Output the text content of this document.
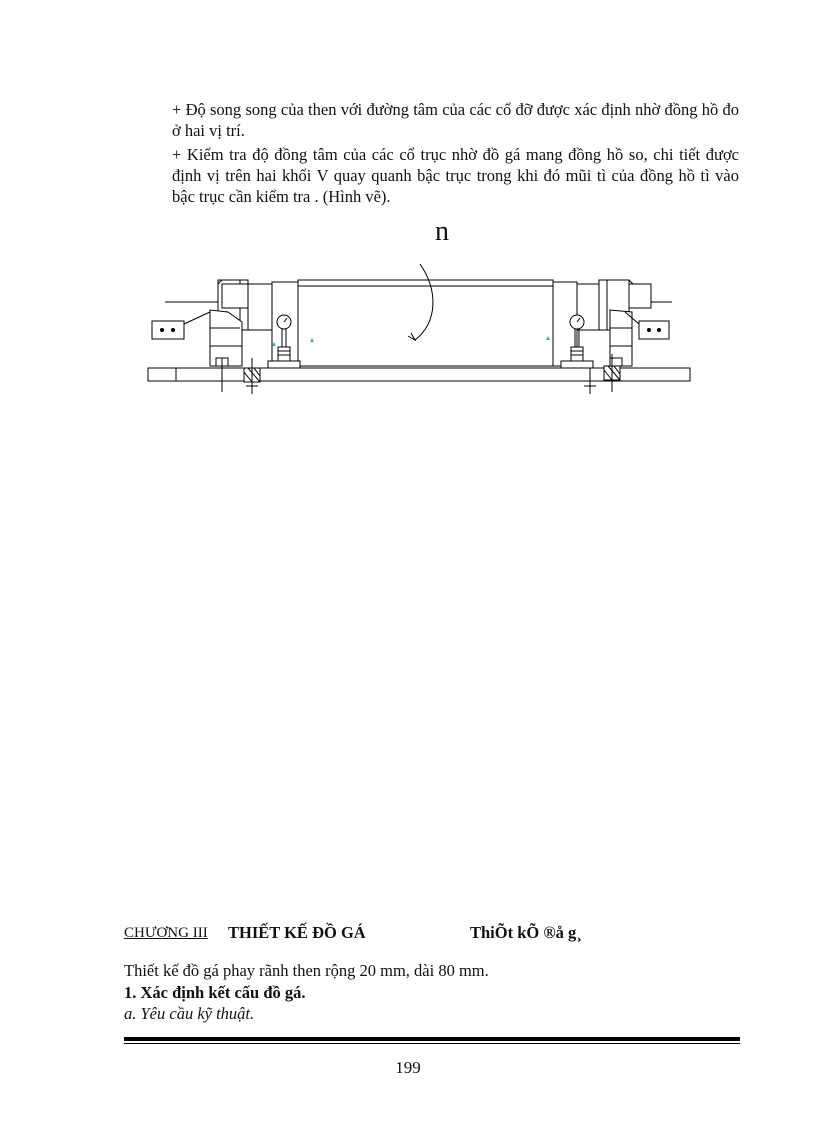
+ Độ song song của then với đường tâm của các cổ đỡ được xác định nhờ đồng hồ đo ở hai vị trí.
+ Kiểm tra độ đồng tâm của các cổ trục nhờ đồ gá mang đồng hồ so, chi tiết được định vị trên hai khối V quay quanh bậc trục trong khi đó mũi tì của đồng hồ tì vào bậc trục cần kiểm tra . (Hình vẽ).
n
CHƯƠNG III THIẾT KẾ ĐỒ GÁ	ThiÕt kÕ ®å g¸
Thiết kế đồ gá phay rãnh then rộng 20 mm, dài 80 mm.
1. Xác định kết cấu đồ gá.
a. Yêu cầu kỹ thuật.
199
